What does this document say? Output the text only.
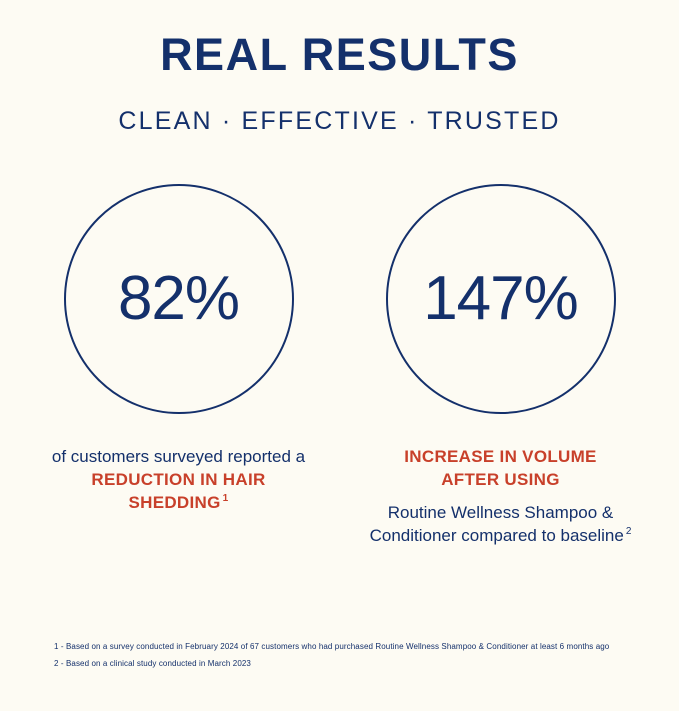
REAL RESULTS
CLEAN · EFFECTIVE · TRUSTED
82%
of customers surveyed reported a
REDUCTION IN HAIR
SHEDDING $^1$
147%
INCREASE IN VOLUME
AFTER USING
Routine Wellness Shampoo &
Conditioner compared to baseline $^2$
1 - Based on a survey conducted in February 2024 of 67 customers who had purchased Routine Wellness Shampoo & Conditioner at least 6 months ago
2 - Based on a clinical study conducted in March 2023
